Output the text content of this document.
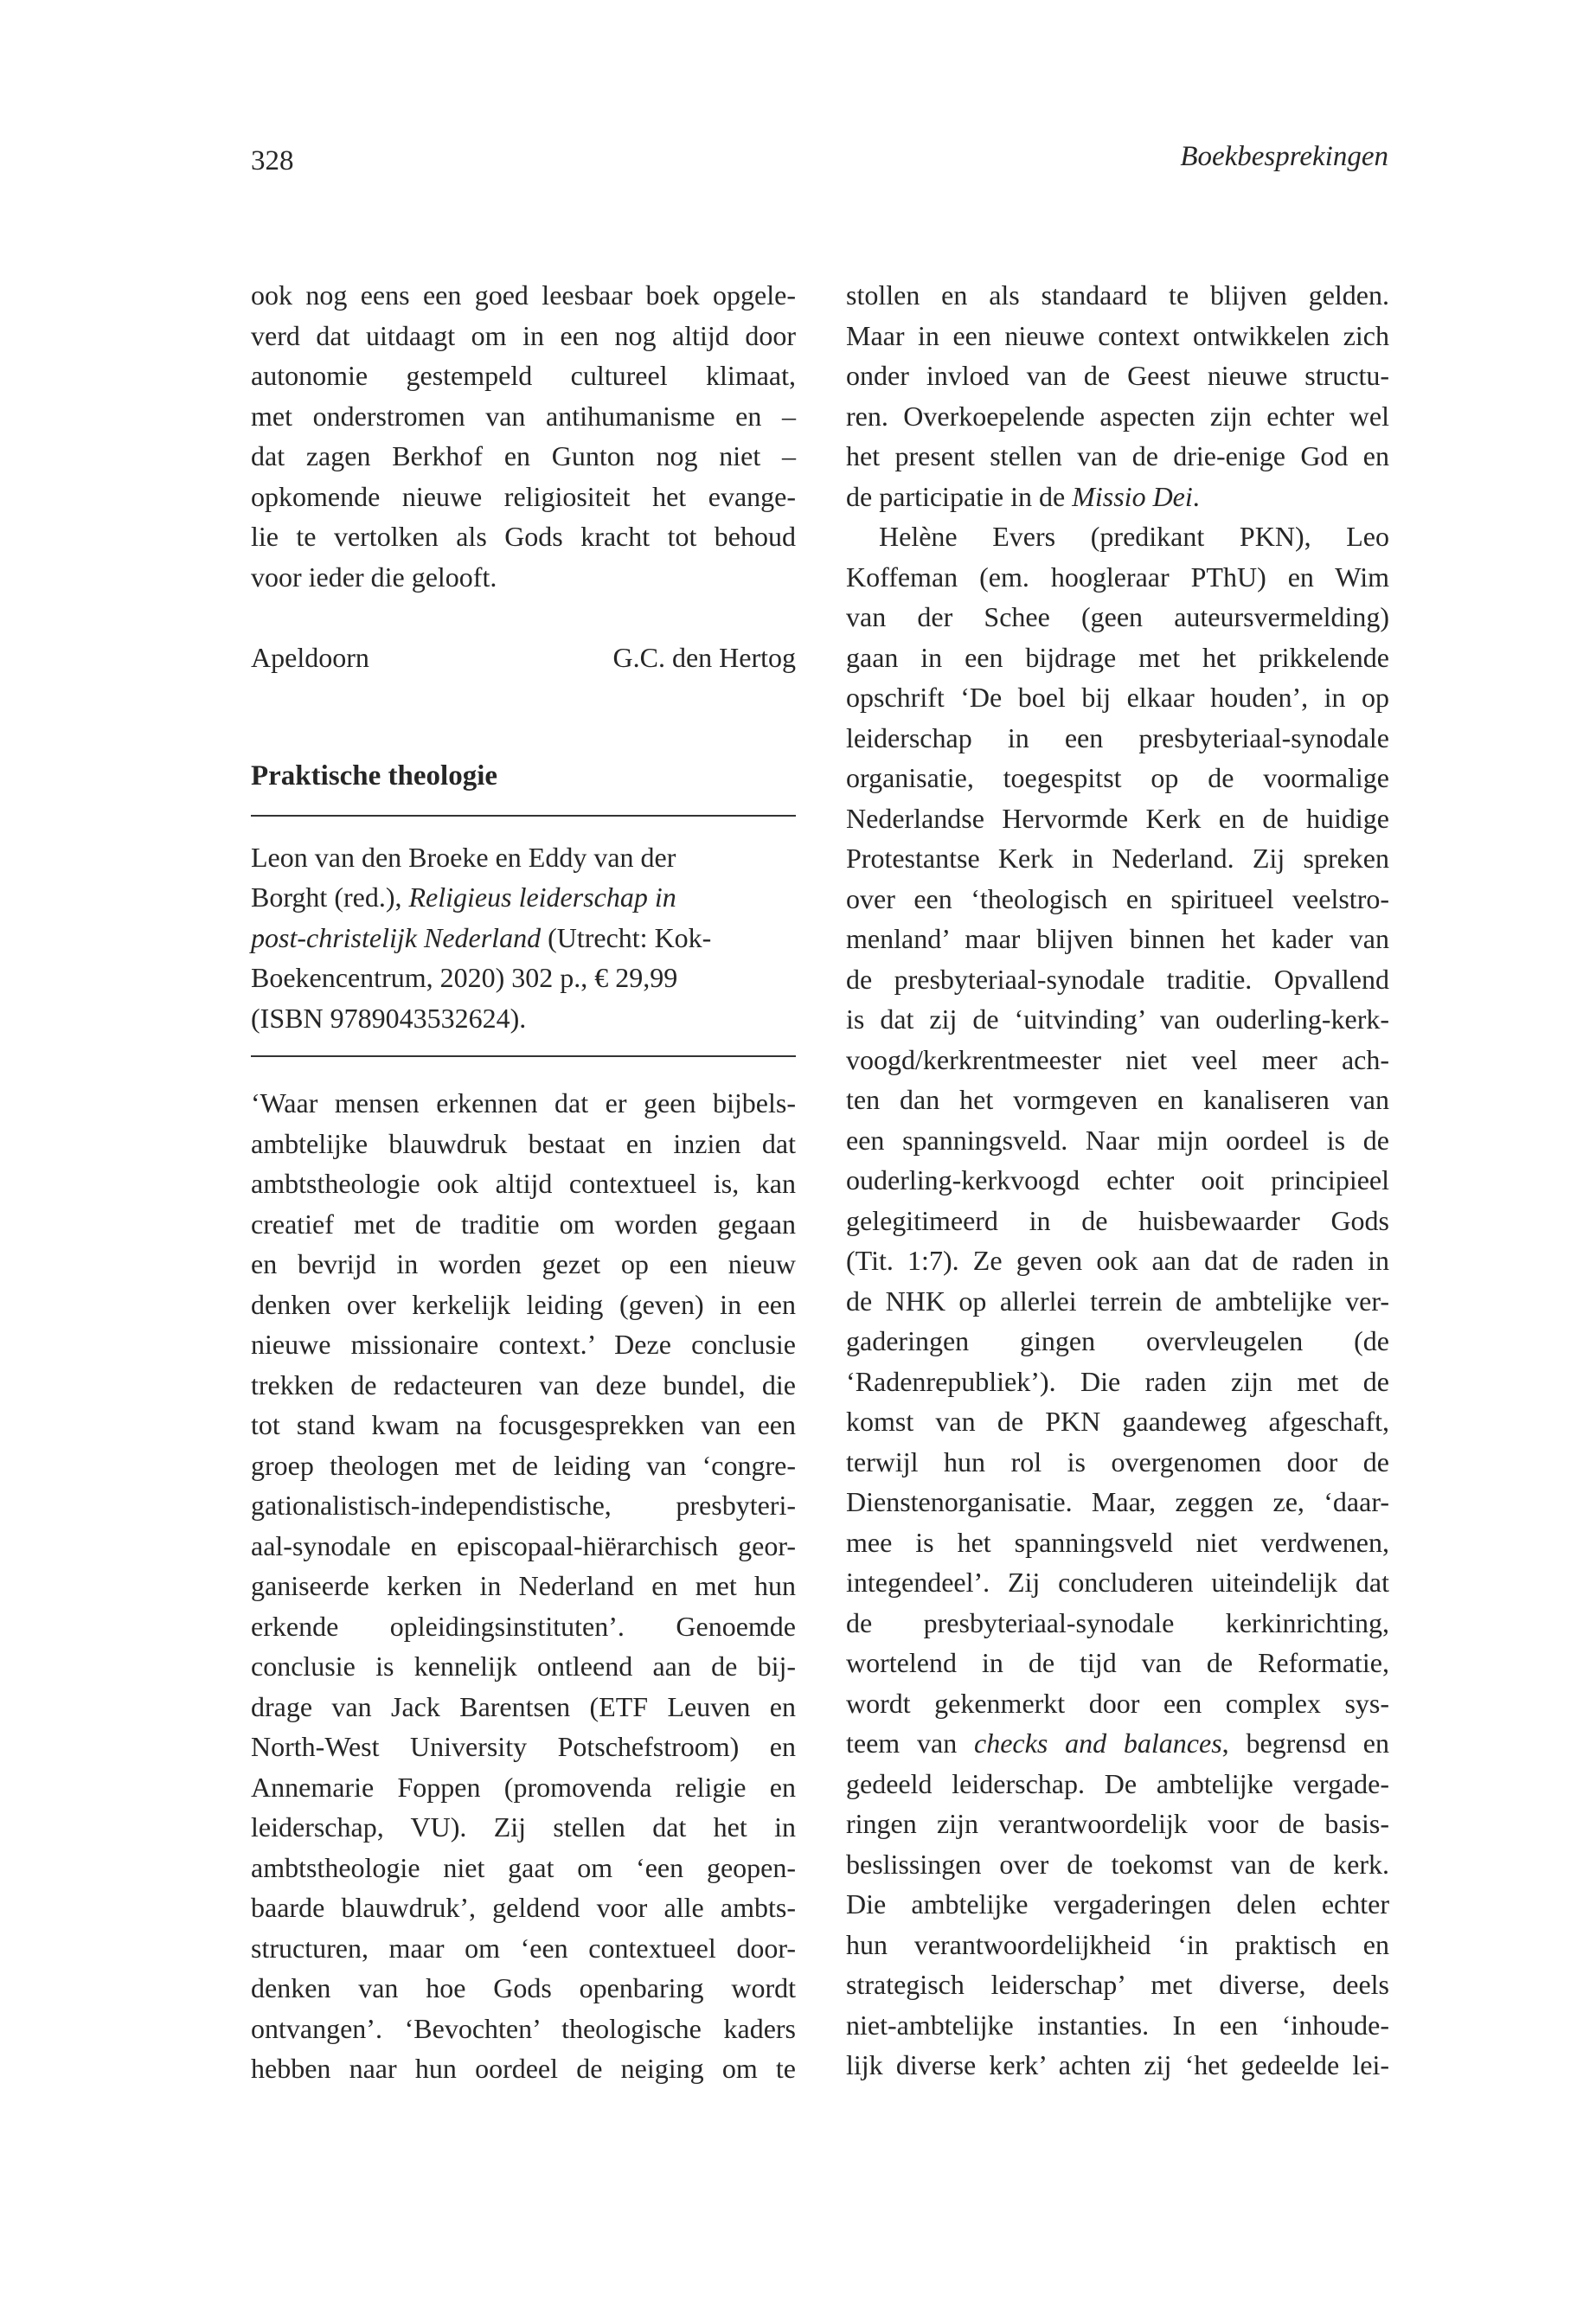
328	Boekbesprekingen
ook nog eens een goed leesbaar boek opgele-
verd dat uitdaagt om in een nog altijd door
autonomie gestempeld cultureel klimaat,
met onderstromen van antihumanisme en –
dat zagen Berkhof en Gunton nog niet –
opkomende nieuwe religiositeit het evange-
lie te vertolken als Gods kracht tot behoud
voor ieder die gelooft.
Apeldoorn	G.C. den Hertog
Praktische theologie
Leon van den Broeke en Eddy van der
Borght (red.), Religieus leiderschap in
post-christelijk Nederland (Utrecht: Kok-
Boekencentrum, 2020) 302 p., € 29,99
(ISBN 9789043532624).
‘Waar mensen erkennen dat er geen bijbels-
ambtelijke blauwdruk bestaat en inzien dat
ambtstheologie ook altijd contextueel is, kan
creatief met de traditie om worden gegaan
en bevrijd in worden gezet op een nieuw
denken over kerkelijk leiding (geven) in een
nieuwe missionaire context.’ Deze conclusie
trekken de redacteuren van deze bundel, die
tot stand kwam na focusgesprekken van een
groep theologen met de leiding van ‘congre-
gationalistisch-independistische, presbyteri-
aal-synodale en episcopaal-hiërarchisch geor-
ganiseerde kerken in Nederland en met hun
erkende opleidingsinstituten’. Genoemde
conclusie is kennelijk ontleend aan de bij-
drage van Jack Barentsen (ETF Leuven en
North-West University Potschefstroom) en
Annemarie Foppen (promovenda religie en
leiderschap, VU). Zij stellen dat het in
ambtstheologie niet gaat om ‘een geopen-
baarde blauwdruk’, geldend voor alle ambts-
structuren, maar om ‘een contextueel door-
denken van hoe Gods openbaring wordt
ontvangen’. ‘Bevochten’ theologische kaders
hebben naar hun oordeel de neiging om te
stollen en als standaard te blijven gelden.
Maar in een nieuwe context ontwikkelen zich
onder invloed van de Geest nieuwe structu-
ren. Overkoepelende aspecten zijn echter wel
het present stellen van de drie-enige God en
de participatie in de Missio Dei.
Helène Evers (predikant PKN), Leo
Koffeman (em. hoogleraar PThU) en Wim
van der Schee (geen auteursvermelding)
gaan in een bijdrage met het prikkelende
opschrift ‘De boel bij elkaar houden’, in op
leiderschap in een presbyteriaal-synodale
organisatie, toegespitst op de voormalige
Nederlandse Hervormde Kerk en de huidige
Protestantse Kerk in Nederland. Zij spreken
over een ‘theologisch en spiritueel veelstro-
menland’ maar blijven binnen het kader van
de presbyteriaal-synodale traditie. Opvallend
is dat zij de ‘uitvinding’ van ouderling-kerk-
voogd/kerkrentmeester niet veel meer ach-
ten dan het vormgeven en kanaliseren van
een spanningsveld. Naar mijn oordeel is de
ouderling-kerkvoogd echter ooit principieel
gelegitimeerd in de huisbewaarder Gods
(Tit. 1:7). Ze geven ook aan dat de raden in
de NHK op allerlei terrein de ambtelijke ver-
gaderingen gingen overvleugelen (de
‘Radenrepubliek’). Die raden zijn met de
komst van de PKN gaandeweg afgeschaft,
terwijl hun rol is overgenomen door de
Dienstenorganisatie. Maar, zeggen ze, ‘daar-
mee is het spanningsveld niet verdwenen,
integendeel’. Zij concluderen uiteindelijk dat
de presbyteriaal-synodale kerkinrichting,
wortelend in de tijd van de Reformatie,
wordt gekenmerkt door een complex sys-
teem van checks and balances, begrensd en
gedeeld leiderschap. De ambtelijke vergade-
ringen zijn verantwoordelijk voor de basis-
beslissingen over de toekomst van de kerk.
Die ambtelijke vergaderingen delen echter
hun verantwoordelijkheid ‘in praktisch en
strategisch leiderschap’ met diverse, deels
niet-ambtelijke instanties. In een ‘inhoude-
lijk diverse kerk’ achten zij ‘het gedeelde lei-
